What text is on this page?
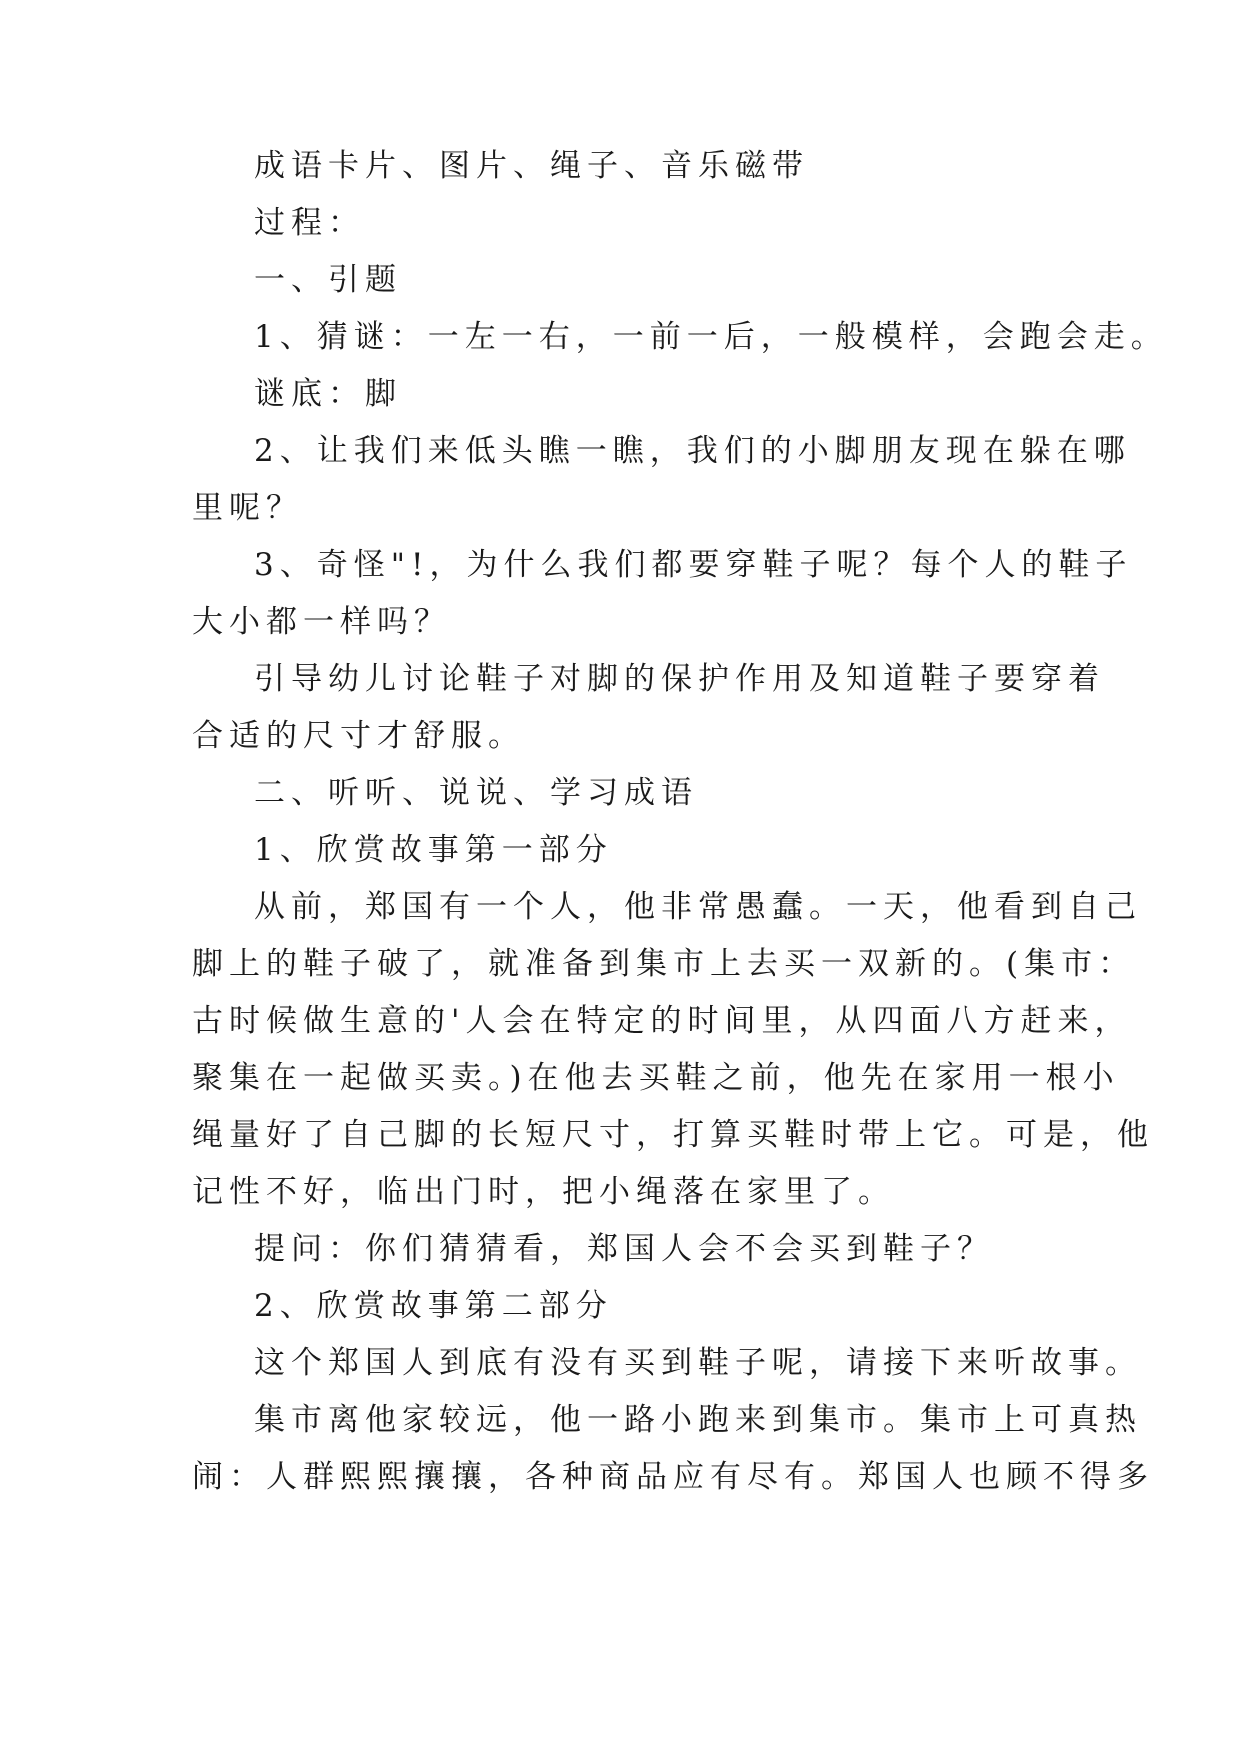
成语卡片、图片、绳子、音乐磁带
过程：
一、引题
1、猜谜：一左一右，一前一后，一般模样，会跑会走。
谜底：脚
2、让我们来低头瞧一瞧，我们的小脚朋友现在躲在哪
里呢？
3、奇怪"!，为什么我们都要穿鞋子呢？每个人的鞋子
大小都一样吗？
引导幼儿讨论鞋子对脚的保护作用及知道鞋子要穿着
合适的尺寸才舒服。
二、听听、说说、学习成语
1、欣赏故事第一部分
从前，郑国有一个人，他非常愚蠢。一天，他看到自己
脚上的鞋子破了，就准备到集市上去买一双新的。(集市：
古时候做生意的'人会在特定的时间里，从四面八方赶来，
聚集在一起做买卖。)在他去买鞋之前，他先在家用一根小
绳量好了自己脚的长短尺寸，打算买鞋时带上它。可是，他
记性不好，临出门时，把小绳落在家里了。
提问：你们猜猜看，郑国人会不会买到鞋子？
2、欣赏故事第二部分
这个郑国人到底有没有买到鞋子呢，请接下来听故事。
集市离他家较远，他一路小跑来到集市。集市上可真热
闹：人群熙熙攘攘，各种商品应有尽有。郑国人也顾不得多
